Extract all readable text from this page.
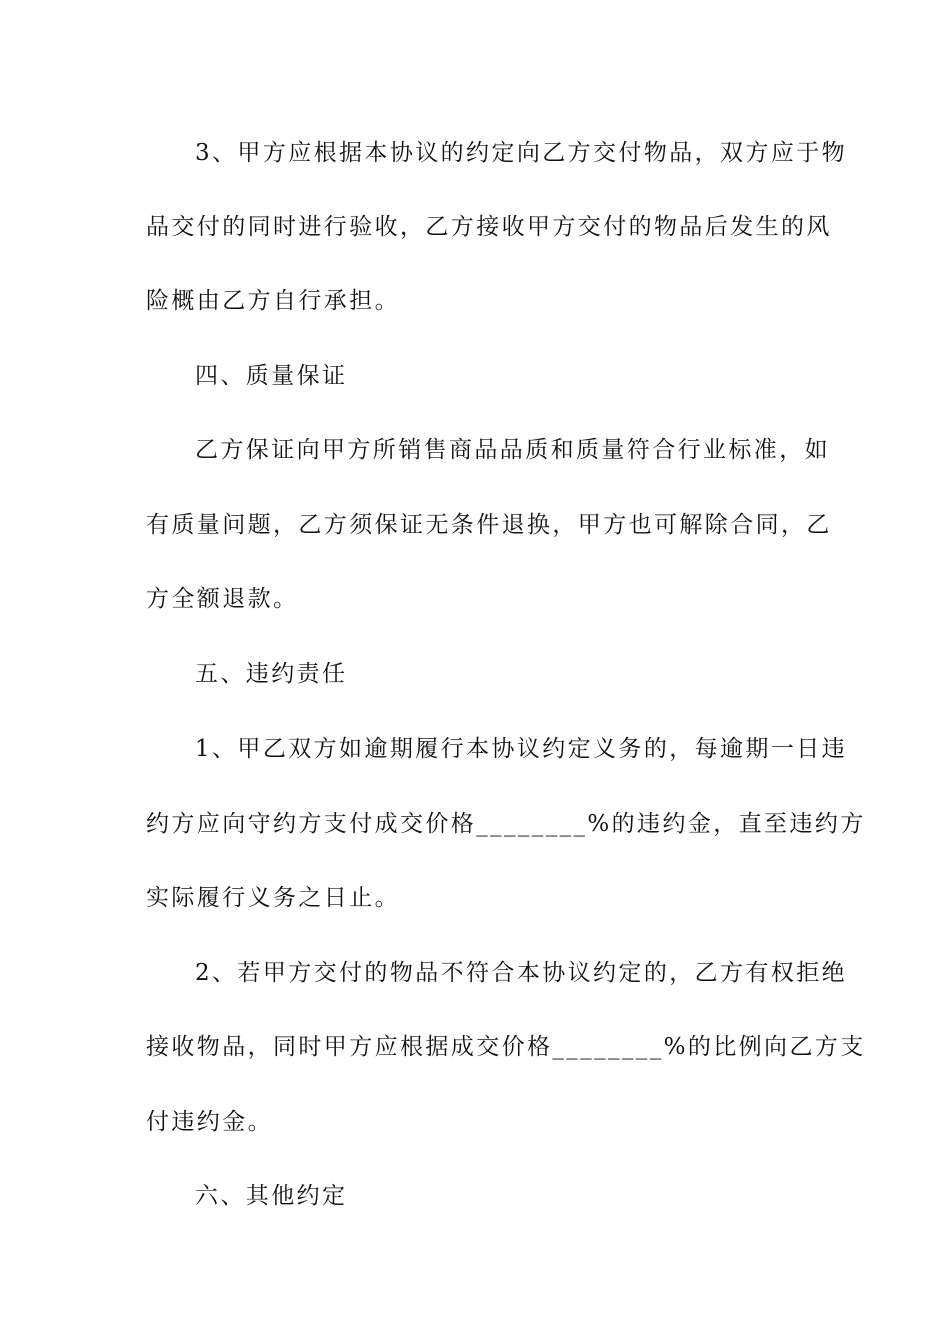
3、甲方应根据本协议的约定向乙方交付物品，双方应于物
品交付的同时进行验收，乙方接收甲方交付的物品后发生的风
险概由乙方自行承担。
四、质量保证
乙方保证向甲方所销售商品品质和质量符合行业标准，如
有质量问题，乙方须保证无条件退换，甲方也可解除合同，乙
方全额退款。
五、违约责任
1、甲乙双方如逾期履行本协议约定义务的，每逾期一日违
约方应向守约方支付成交价格________%的违约金，直至违约方
实际履行义务之日止。
2、若甲方交付的物品不符合本协议约定的，乙方有权拒绝
接收物品，同时甲方应根据成交价格________%的比例向乙方支
付违约金。
六、其他约定
